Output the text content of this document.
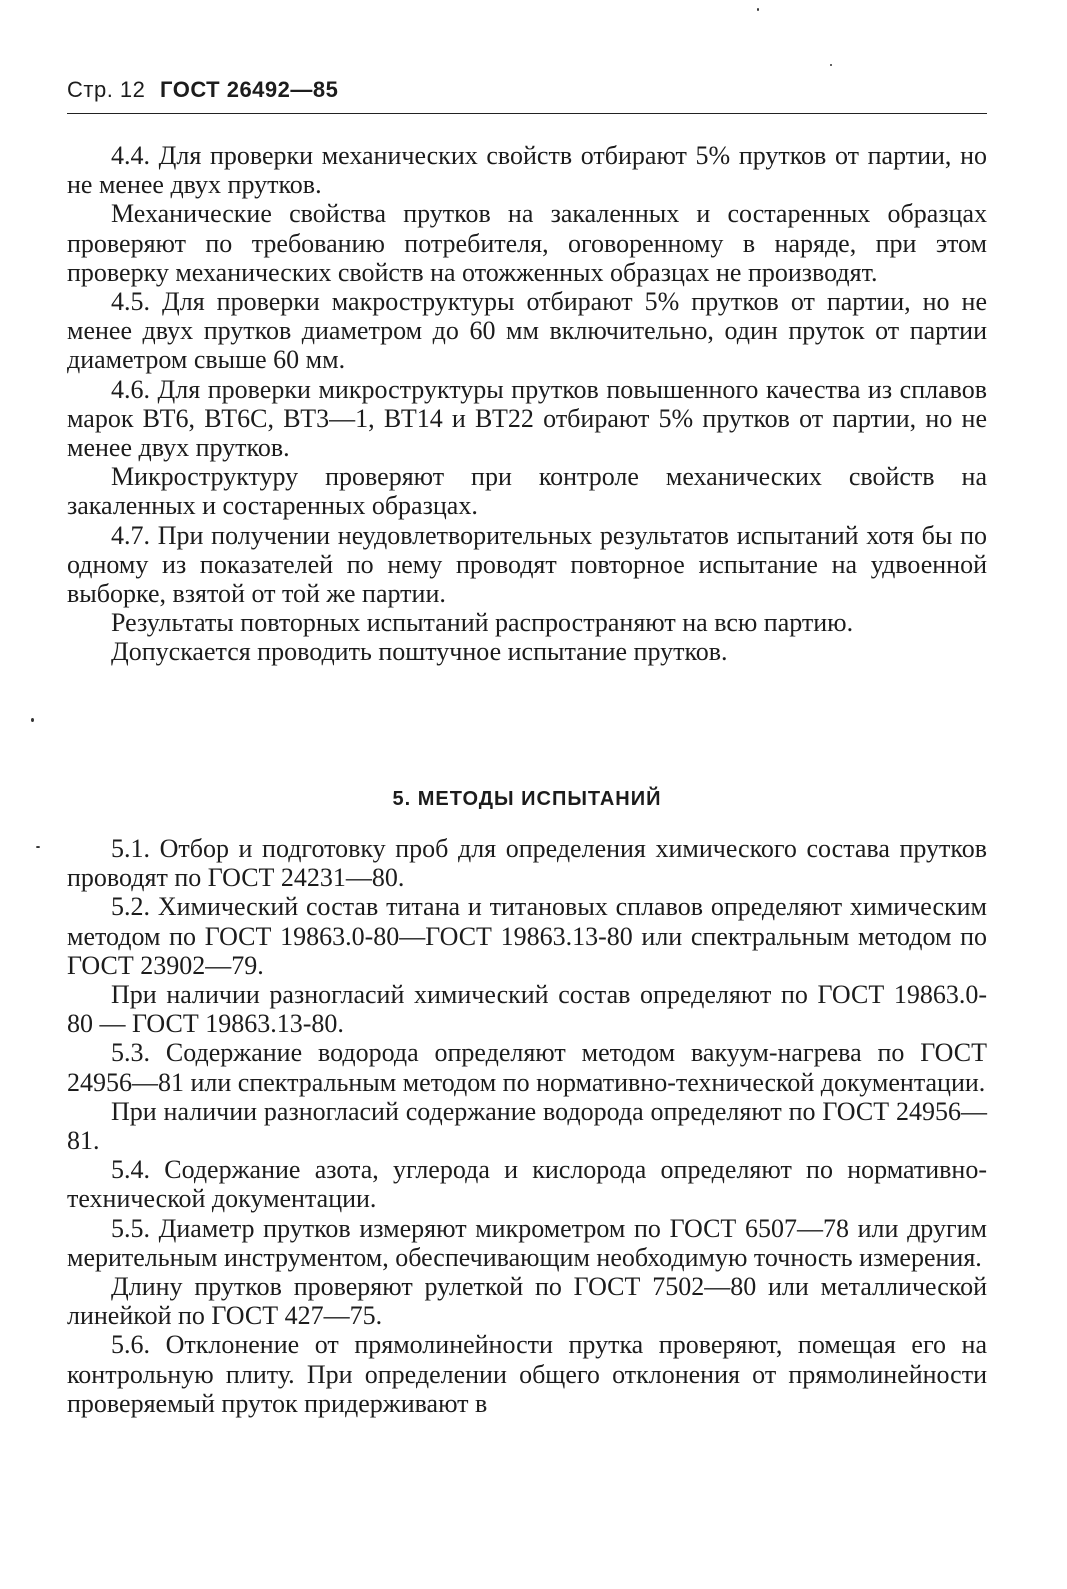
Стр. 12 ГОСТ 26492—85

4.4. Для проверки механических свойств отбирают 5% прутков от партии, но не менее двух прутков.

Механические свойства прутков на закаленных и состаренных образцах проверяют по требованию потребителя, оговоренному в наряде, при этом проверку механических свойств на отожженных образцах не производят.

4.5. Для проверки макроструктуры отбирают 5% прутков от партии, но не менее двух прутков диаметром до 60 мм включительно, один пруток от партии диаметром свыше 60 мм.

4.6. Для проверки микроструктуры прутков повышенного качества из сплавов марок ВТ6, ВТ6С, ВТ3—1, ВТ14 и ВТ22 отбирают 5% прутков от партии, но не менее двух прутков.

Микроструктуру проверяют при контроле механических свойств на закаленных и состаренных образцах.

4.7. При получении неудовлетворительных результатов испытаний хотя бы по одному из показателей по нему проводят повторное испытание на удвоенной выборке, взятой от той же партии.

Результаты повторных испытаний распространяют на всю партию.

Допускается проводить поштучное испытание прутков.

5. МЕТОДЫ ИСПЫТАНИЙ

5.1. Отбор и подготовку проб для определения химического состава прутков проводят по ГОСТ 24231—80.

5.2. Химический состав титана и титановых сплавов определяют химическим методом по ГОСТ 19863.0-80—ГОСТ 19863.13-80 или спектральным методом по ГОСТ 23902—79.

При наличии разногласий химический состав определяют по ГОСТ 19863.0-80 — ГОСТ 19863.13-80.

5.3. Содержание водорода определяют методом вакуум-нагрева по ГОСТ 24956—81 или спектральным методом по нормативно-технической документации.

При наличии разногласий содержание водорода определяют по ГОСТ 24956—81.

5.4. Содержание азота, углерода и кислорода определяют по нормативно-технической документации.

5.5. Диаметр прутков измеряют микрометром по ГОСТ 6507—78 или другим мерительным инструментом, обеспечивающим необходимую точность измерения.

Длину прутков проверяют рулеткой по ГОСТ 7502—80 или металлической линейкой по ГОСТ 427—75.

5.6. Отклонение от прямолинейности прутка проверяют, помещая его на контрольную плиту. При определении общего отклонения от прямолинейности проверяемый пруток придерживают в
